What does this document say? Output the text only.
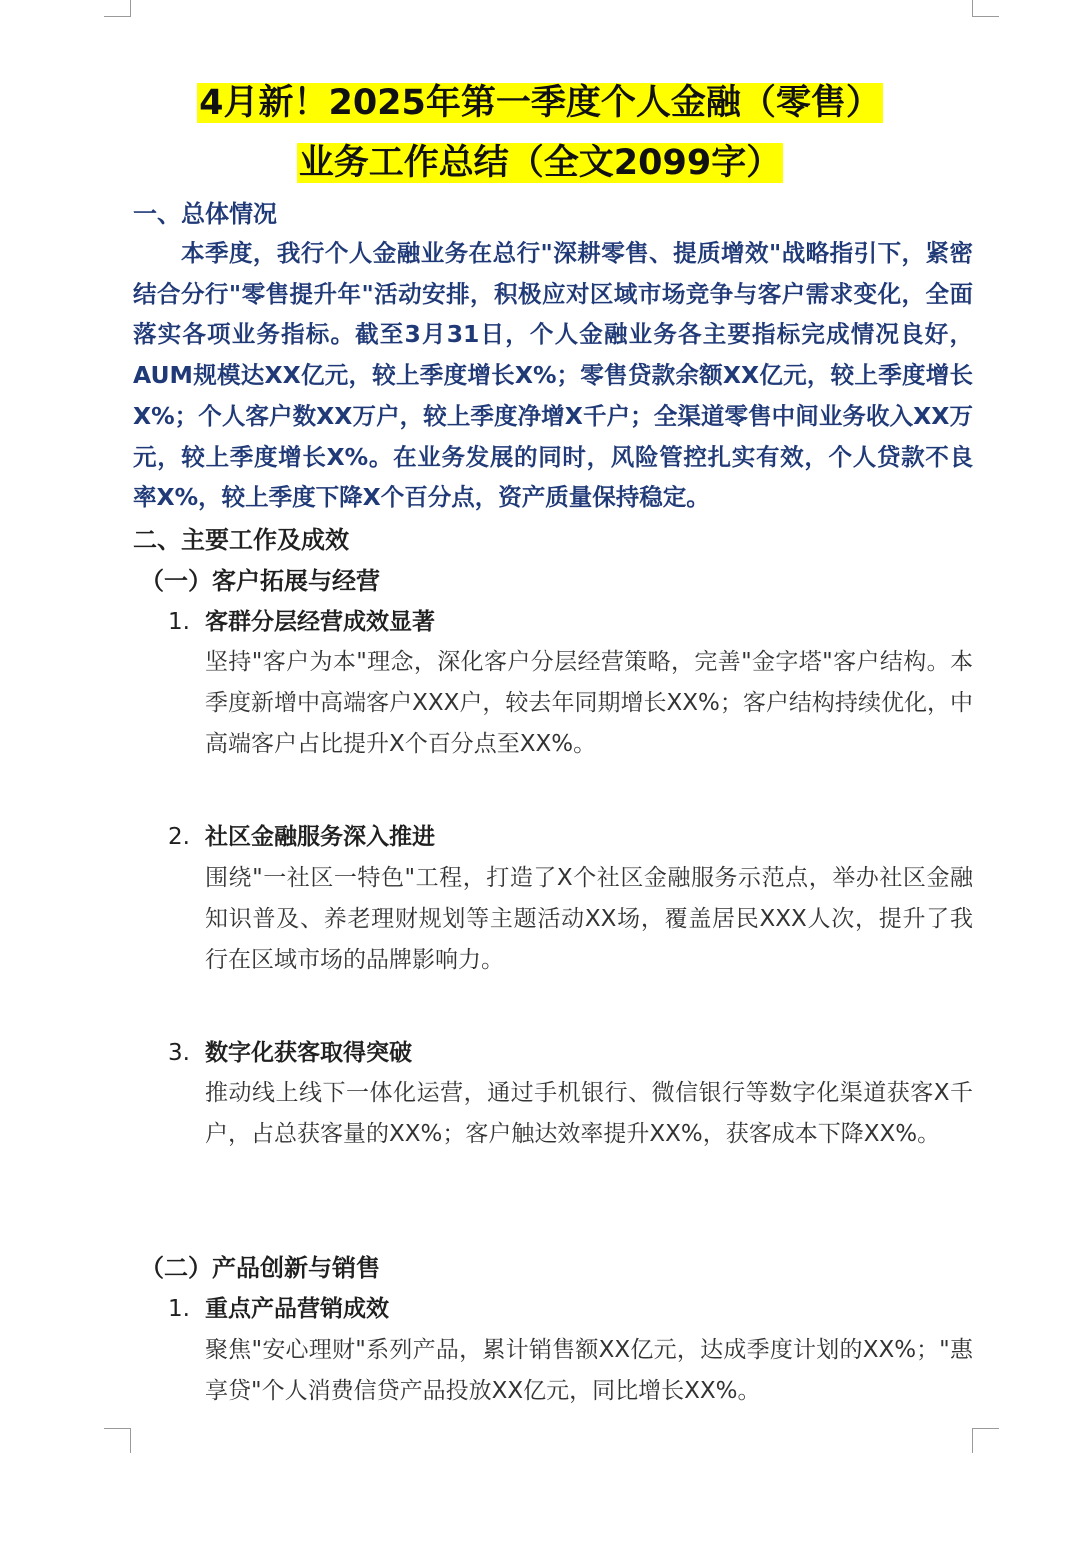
4月新！2025年第一季度个人金融（零售）
业务工作总结（全文2099字）
一、总体情况

本季度，我行个人金融业务在总行"深耕零售、提质增效"战略指引下，紧密结合分行"零售提升年"活动安排，积极应对区域市场竞争与客户需求变化，全面落实各项业务指标。截至3月31日，个人金融业务各主要指标完成情况良好，AUM规模达XX亿元，较上季度增长X%；零售贷款余额XX亿元，较上季度增长X%；个人客户数XX万户，较上季度净增X千户；全渠道零售中间业务收入XX万元，较上季度增长X%。在业务发展的同时，风险管控扎实有效，个人贷款不良率X%，较上季度下降X个百分点，资产质量保持稳定。

二、主要工作及成效
（一）客户拓展与经营
1. 客群分层经营成效显著

坚持"客户为本"理念，深化客户分层经营策略，完善"金字塔"客户结构。本季度新增中高端客户XXX户，较去年同期增长XX%；客户结构持续优化，中高端客户占比提升X个百分点至XX%。

2. 社区金融服务深入推进

围绕"一社区一特色"工程，打造了X个社区金融服务示范点，举办社区金融知识普及、养老理财规划等主题活动XX场，覆盖居民XXX人次，提升了我行在区域市场的品牌影响力。

3. 数字化获客取得突破

推动线上线下一体化运营，通过手机银行、微信银行等数字化渠道获客X千户，占总获客量的XX%；客户触达效率提升XX%，获客成本下降XX%。

（二）产品创新与销售
1. 重点产品营销成效

聚焦"安心理财"系列产品，累计销售额XX亿元，达成季度计划的XX%；"惠享贷"个人消费信贷产品投放XX亿元，同比增长XX%。
